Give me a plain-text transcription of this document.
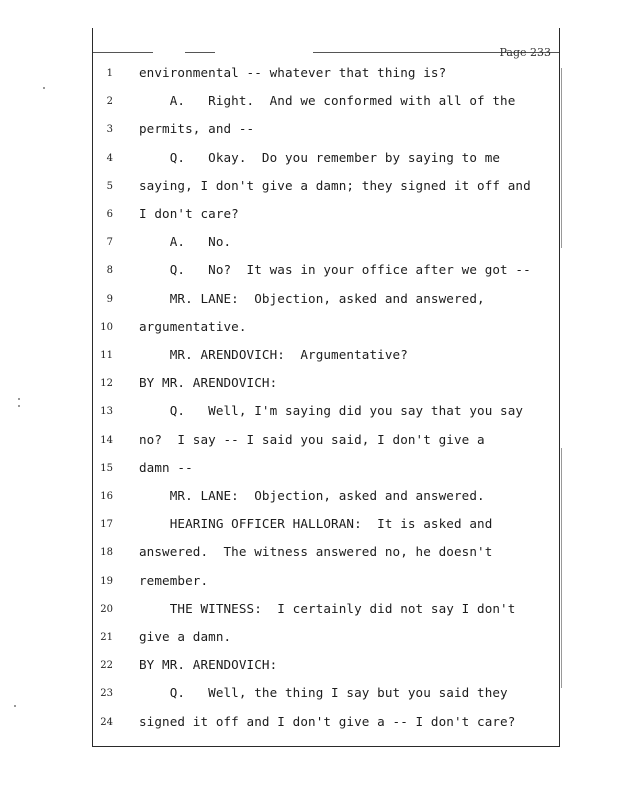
Page 233
1 environmental -- whatever that thing is?
2 A.   Right.  And we conformed with all of the
3 permits, and --
4 Q.   Okay.  Do you remember by saying to me
5 saying, I don't give a damn; they signed it off and
6 I don't care?
7 A.   No.
8 Q.   No?  It was in your office after we got --
9 MR. LANE:  Objection, asked and answered,
10 argumentative.
11 MR. ARENDOVICH:  Argumentative?
12 BY MR. ARENDOVICH:
13 Q.   Well, I'm saying did you say that you say
14 no?  I say -- I said you said, I don't give a
15 damn --
16 MR. LANE:  Objection, asked and answered.
17 HEARING OFFICER HALLORAN:  It is asked and
18 answered.  The witness answered no, he doesn't
19 remember.
20 THE WITNESS:  I certainly did not say I don't
21 give a damn.
22 BY MR. ARENDOVICH:
23 Q.   Well, the thing I say but you said they
24 signed it off and I don't give a -- I don't care?
